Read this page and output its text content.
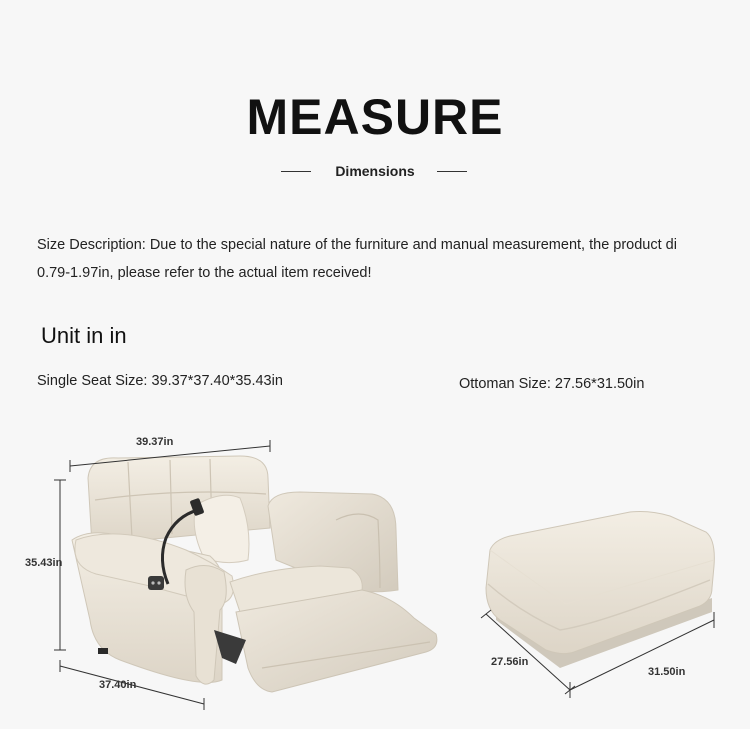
MEASURE
Dimensions
Size Description: Due to the special nature of the furniture and manual measurement, the product di
0.79-1.97in, please refer to the actual item received!
Unit in in
Single Seat Size: 39.37*37.40*35.43in	Ottoman Size: 27.56*31.50in
39.37in
35.43in
37.40in
27.56in
31.50in
